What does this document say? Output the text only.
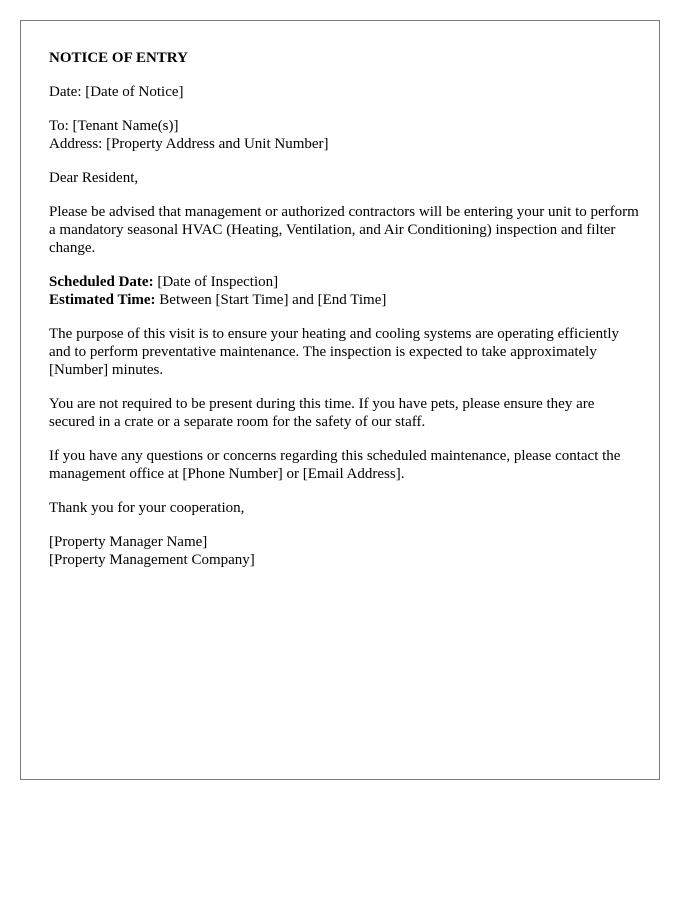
NOTICE OF ENTRY

Date: [Date of Notice]

To: [Tenant Name(s)]
Address: [Property Address and Unit Number]

Dear Resident,

Please be advised that management or authorized contractors will be entering your unit to perform a mandatory seasonal HVAC (Heating, Ventilation, and Air Conditioning) inspection and filter change.

Scheduled Date: [Date of Inspection]
Estimated Time: Between [Start Time] and [End Time]

The purpose of this visit is to ensure your heating and cooling systems are operating efficiently and to perform preventative maintenance. The inspection is expected to take approximately [Number] minutes.

You are not required to be present during this time. If you have pets, please ensure they are secured in a crate or a separate room for the safety of our staff.

If you have any questions or concerns regarding this scheduled maintenance, please contact the management office at [Phone Number] or [Email Address].

Thank you for your cooperation,

[Property Manager Name]
[Property Management Company]
